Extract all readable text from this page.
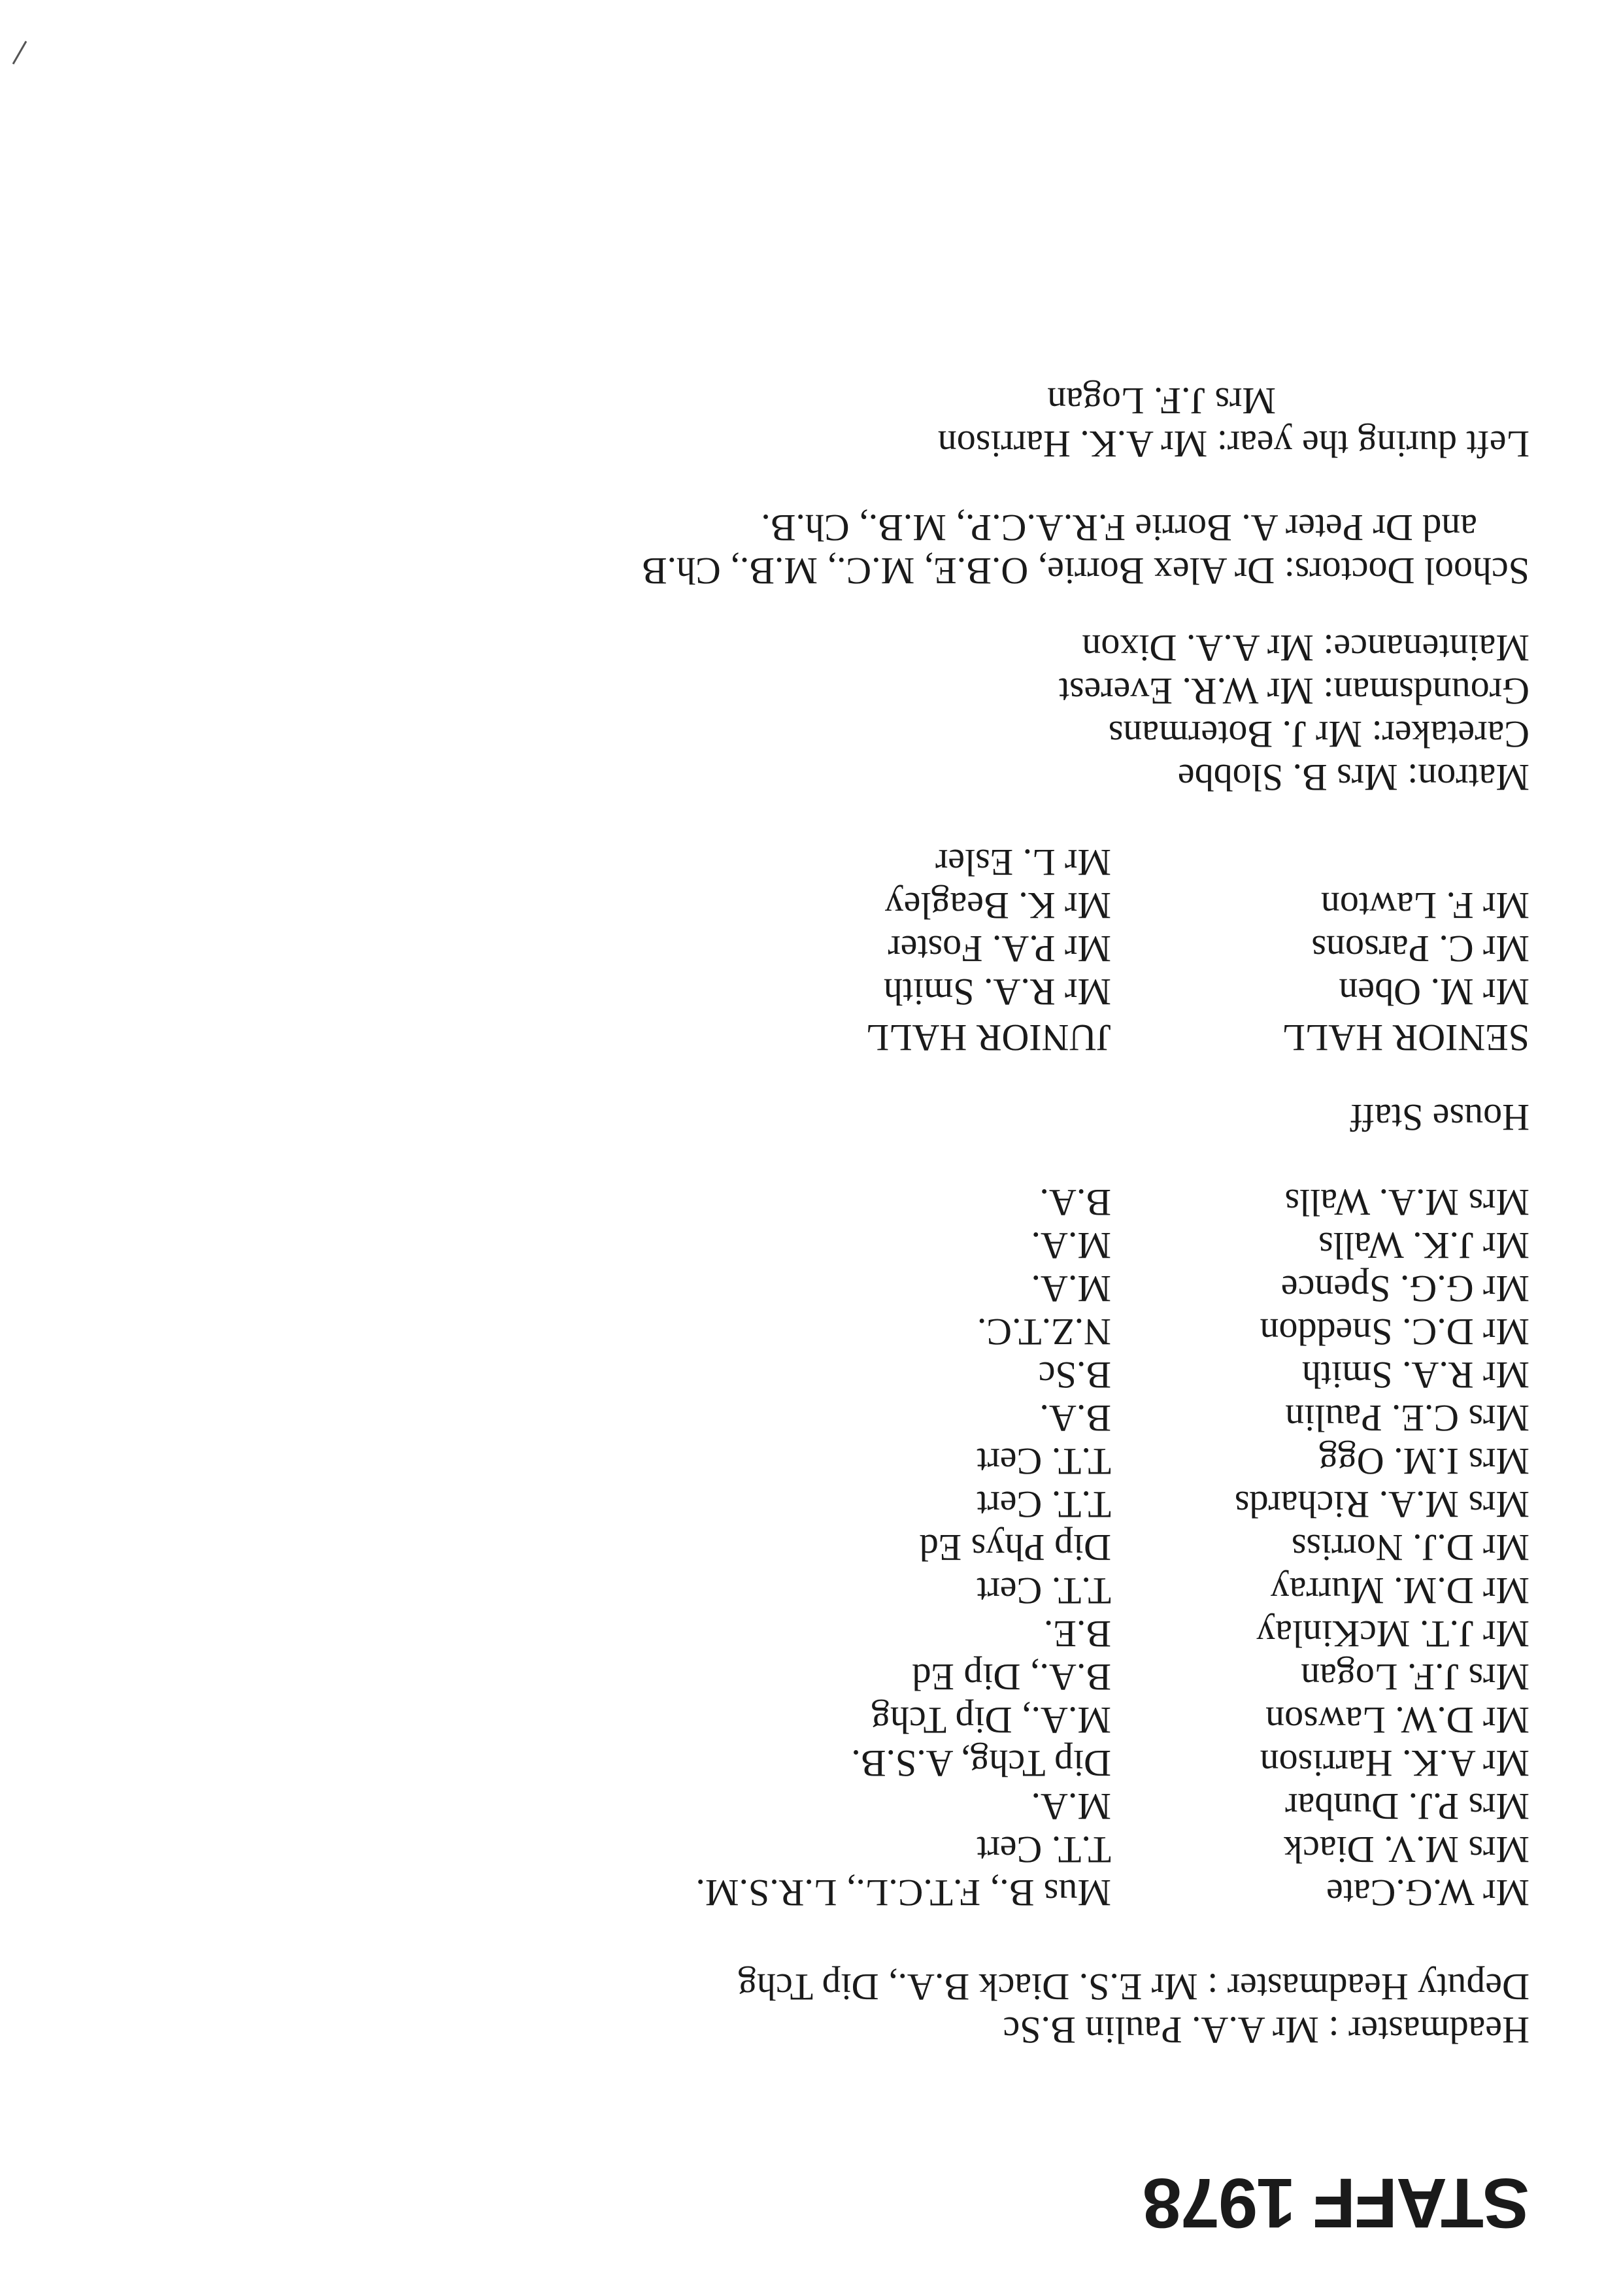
STAFF 1978
Headmaster : Mr A.A. Paulin B.Sc
Deputy Headmaster : Mr E.S. Diack B.A., Dip Tchg
Mr W.G.Cate
Mus B., F.T.C.L., L.R.S.M.
Mrs M.V. Diack
T.T. Cert
Mrs P.J. Dunbar
M.A.
Mr A.K. Harrison
Dip Tchg, A.S.B.
Mr D.W. Lawson
M.A., Dip Tchg
Mrs J.F. Logan
B.A., Dip Ed
Mr J.T. McKinlay
B.E.
Mr D.M. Murray
T.T. Cert
Mr D.J. Norriss
Dip Phys Ed
Mrs M.A. Richards
T.T. Cert
Mrs I.M. Ogg
T.T. Cert
Mrs C.E. Paulin
B.A.
Mr R.A. Smith
B.Sc
Mr D.C. Sneddon
N.Z.T.C.
Mr G.G. Spence
M.A.
Mr J.K. Walls
M.A.
Mrs M.A. Walls
B.A.
House Staff
SENIOR HALL
Mr M. Oben
Mr C. Parsons
Mr F. Lawton
JUNIOR HALL
Mr R.A. Smith
Mr P.A. Foster
Mr K. Beagley
Mr L. Esler
Matron: Mrs B. Slobbe
Caretaker: Mr J. Botermans
Groundsman: Mr W.R. Everest
Maintenance: Mr A.A. Dixon
School Doctors: Dr Alex Borrie, O.B.E, M.C., M.B., Ch.B
and Dr Peter A. Borrie F.R.A.C.P., M.B., Ch.B.
Left during the year: Mr A.K. Harrison
Mrs J.F. Logan
